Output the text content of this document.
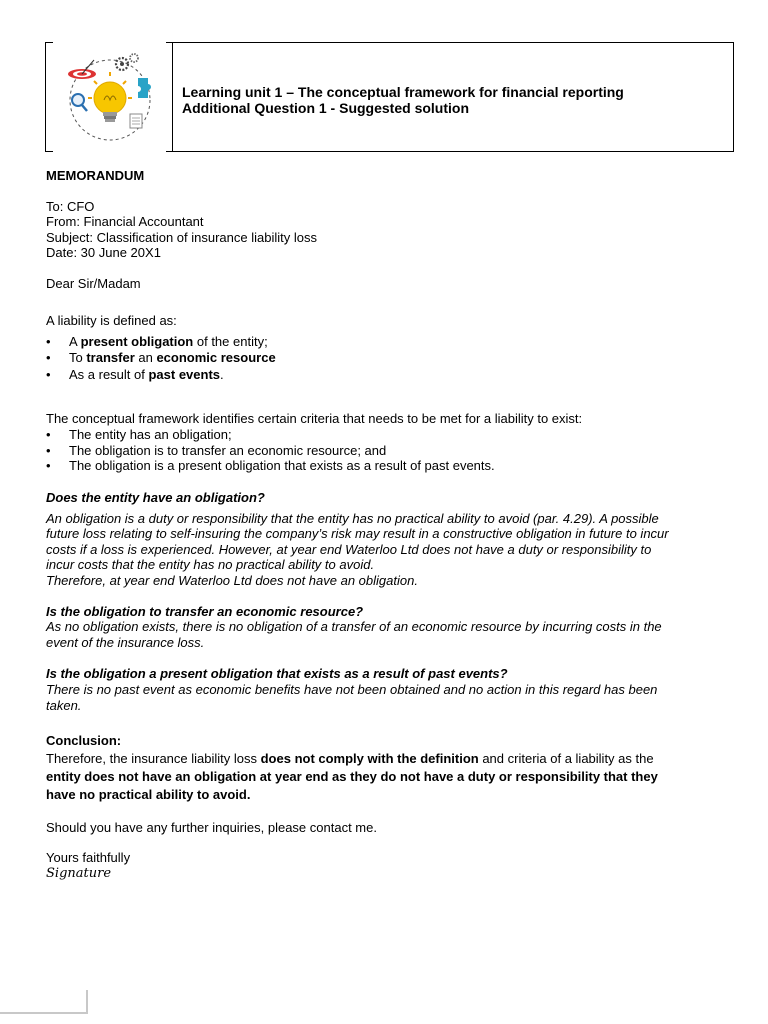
Learning unit 1 – The conceptual framework for financial reporting
Additional Question 1 - Suggested solution
MEMORANDUM
To: CFO
From: Financial Accountant
Subject: Classification of insurance liability loss
Date: 30 June 20X1
Dear Sir/Madam
A liability is defined as:
•	A present obligation of the entity;
•	To transfer an economic resource
•	As a result of past events.
The conceptual framework identifies certain criteria that needs to be met for a liability to exist:
•	The entity has an obligation;
•	The obligation is to transfer an economic resource; and
•	The obligation is a present obligation that exists as a result of past events.
Does the entity have an obligation?
An obligation is a duty or responsibility that the entity has no practical ability to avoid (par. 4.29). A possible
future loss relating to self-insuring the company’s risk may result in a constructive obligation in future to incur
costs if a loss is experienced. However, at year end Waterloo Ltd does not have a duty or responsibility to
incur costs that the entity has no practical ability to avoid.
Therefore, at year end Waterloo Ltd does not have an obligation.
Is the obligation to transfer an economic resource?
As no obligation exists, there is no obligation of a transfer of an economic resource by incurring costs in the
event of the insurance loss.
Is the obligation a present obligation that exists as a result of past events?
There is no past event as economic benefits have not been obtained and no action in this regard has been
taken.
Conclusion:
Therefore, the insurance liability loss does not comply with the definition and criteria of a liability as the
entity does not have an obligation at year end as they do not have a duty or responsibility that they
have no practical ability to avoid.
Should you have any further inquiries, please contact me.
Yours faithfully
Signature
